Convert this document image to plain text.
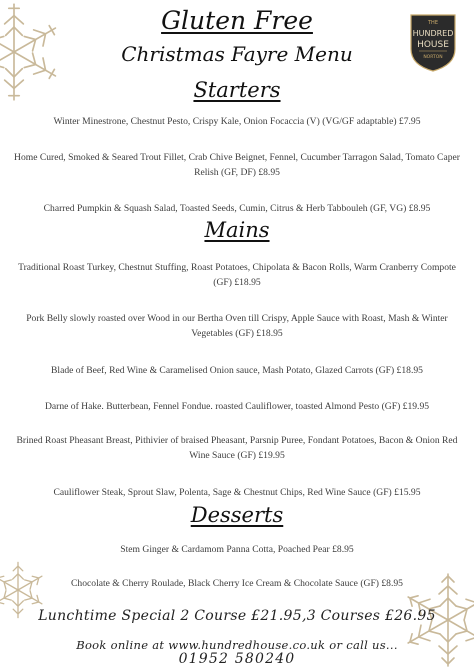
THE
HUNDRED
HOUSE
NORTON
Gluten Free
Christmas Fayre Menu
Starters
Winter Minestrone, Chestnut Pesto, Crispy Kale, Onion Focaccia (V) (VG/GF adaptable) £7.95
Home Cured, Smoked & Seared Trout Fillet, Crab Chive Beignet, Fennel, Cucumber Tarragon Salad, Tomato Caper Relish (GF, DF) £8.95
Charred Pumpkin & Squash Salad, Toasted Seeds, Cumin, Citrus & Herb Tabbouleh (GF, VG) £8.95
Mains
Traditional Roast Turkey, Chestnut Stuffing, Roast Potatoes, Chipolata & Bacon Rolls, Warm Cranberry Compote (GF) £18.95
Pork Belly slowly roasted over Wood in our Bertha Oven till Crispy, Apple Sauce with Roast, Mash & Winter Vegetables (GF) £18.95
Blade of Beef, Red Wine & Caramelised Onion sauce, Mash Potato, Glazed Carrots (GF) £18.95
Darne of Hake. Butterbean, Fennel Fondue. roasted Cauliflower, toasted Almond Pesto (GF) £19.95
Brined Roast Pheasant Breast, Pithivier of braised Pheasant, Parsnip Puree, Fondant Potatoes, Bacon & Onion Red Wine Sauce (GF) £19.95
Cauliflower Steak, Sprout Slaw, Polenta, Sage & Chestnut Chips, Red Wine Sauce (GF) £15.95
Desserts
Stem Ginger & Cardamom Panna Cotta, Poached Pear £8.95
Chocolate & Cherry Roulade, Black Cherry Ice Cream & Chocolate Sauce (GF) £8.95
Lunchtime Special 2 Course £21.95,3 Courses £26.95
Book online at www.hundredhouse.co.uk or call us...
01952 580240
